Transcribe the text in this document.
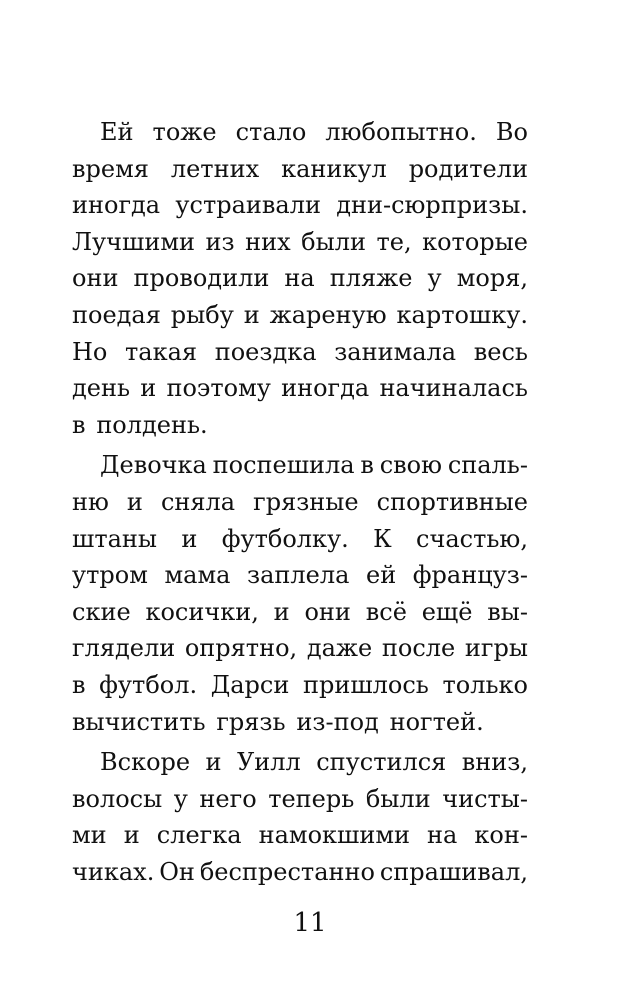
Ей тоже стало любопытно. Во
время летних каникул родители
иногда устраивали дни-сюрпризы.
Лучшими из них были те, которые
они проводили на пляже у моря,
поедая рыбу и жареную картошку.
Но такая поездка занимала весь
день и поэтому иногда начиналась
в полдень.
Девочка поспешила в свою спаль-
ню и сняла грязные спортивные
штаны и футболку. К счастью,
утром мама заплела ей француз-
ские косички, и они всё ещё вы-
глядели опрятно, даже после игры
в футбол. Дарси пришлось только
вычистить грязь из-под ногтей.
Вскоре и Уилл спустился вниз,
волосы у него теперь были чисты-
ми и слегка намокшими на кон-
чиках. Он беспрестанно спрашивал,
11
